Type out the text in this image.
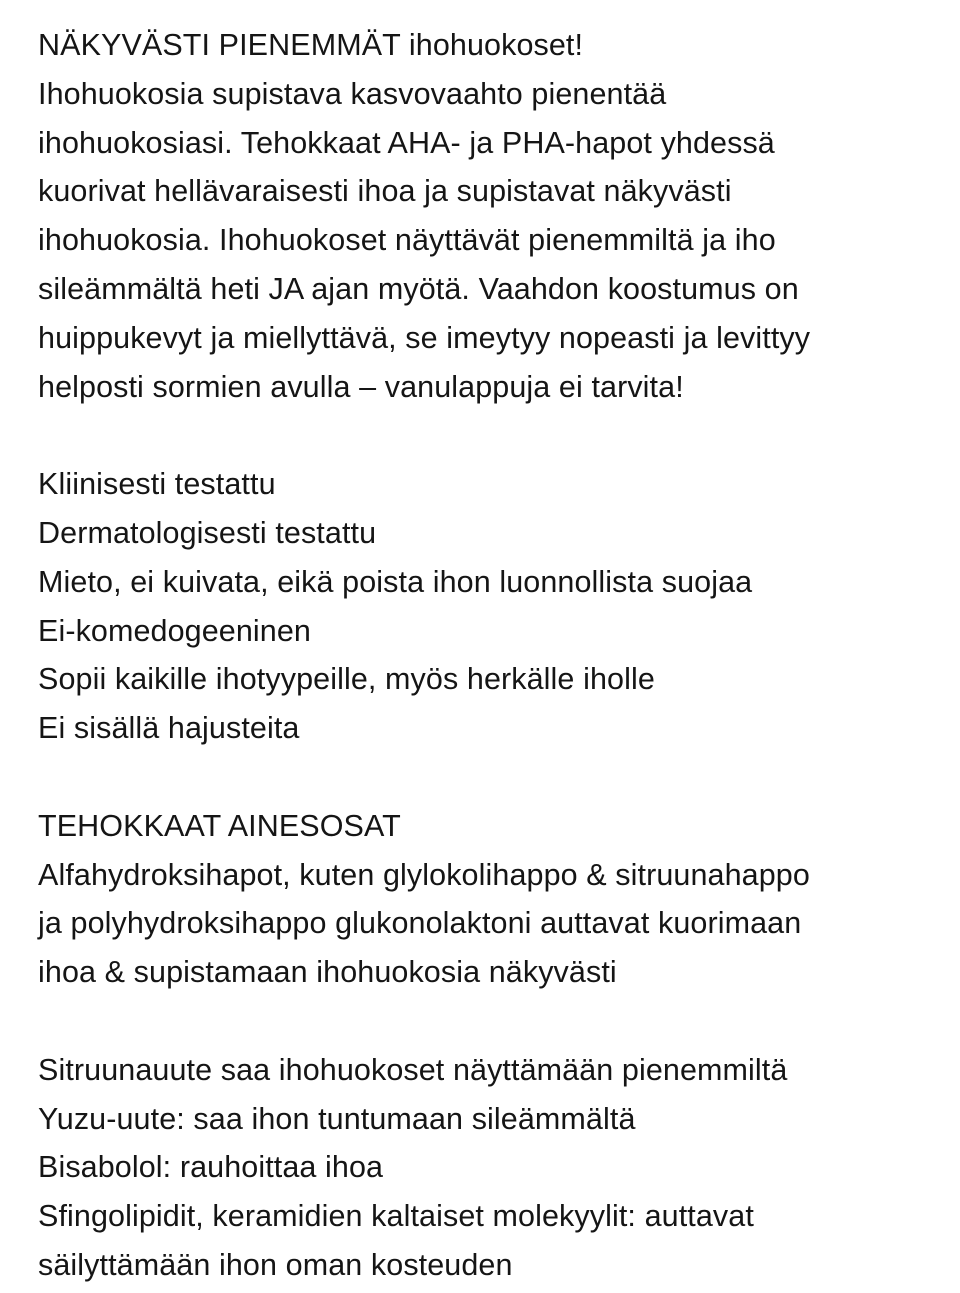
NÄKYVÄSTI PIENEMMÄT ihohuokoset!
Ihohuokosia supistava kasvovaahto pienentää
ihohuokosiasi. Tehokkaat AHA- ja PHA-hapot yhdessä
kuorivat hellävaraisesti ihoa ja supistavat näkyvästi
ihohuokosia. Ihohuokoset näyttävät pienemmiltä ja iho
sileämmältä heti JA ajan myötä. Vaahdon koostumus on
huippukevyt ja miellyttävä, se imeytyy nopeasti ja levittyy
helposti sormien avulla – vanulappuja ei tarvita!
Kliinisesti testattu
Dermatologisesti testattu
Mieto, ei kuivata, eikä poista ihon luonnollista suojaa
Ei-komedogeeninen
Sopii kaikille ihotyypeille, myös herkälle iholle
Ei sisällä hajusteita
TEHOKKAAT AINESOSAT
Alfahydroksihapot, kuten glylokolihappo & sitruunahappo
ja polyhydroksihappo glukonolaktoni auttavat kuorimaan
ihoa & supistamaan ihohuokosia näkyvästi
Sitruunauute saa ihohuokoset näyttämään pienemmiltä
Yuzu-uute: saa ihon tuntumaan sileämmältä
Bisabolol: rauhoittaa ihoa
Sfingolipidit, keramidien kaltaiset molekyylit: auttavat
säilyttämään ihon oman kosteuden
